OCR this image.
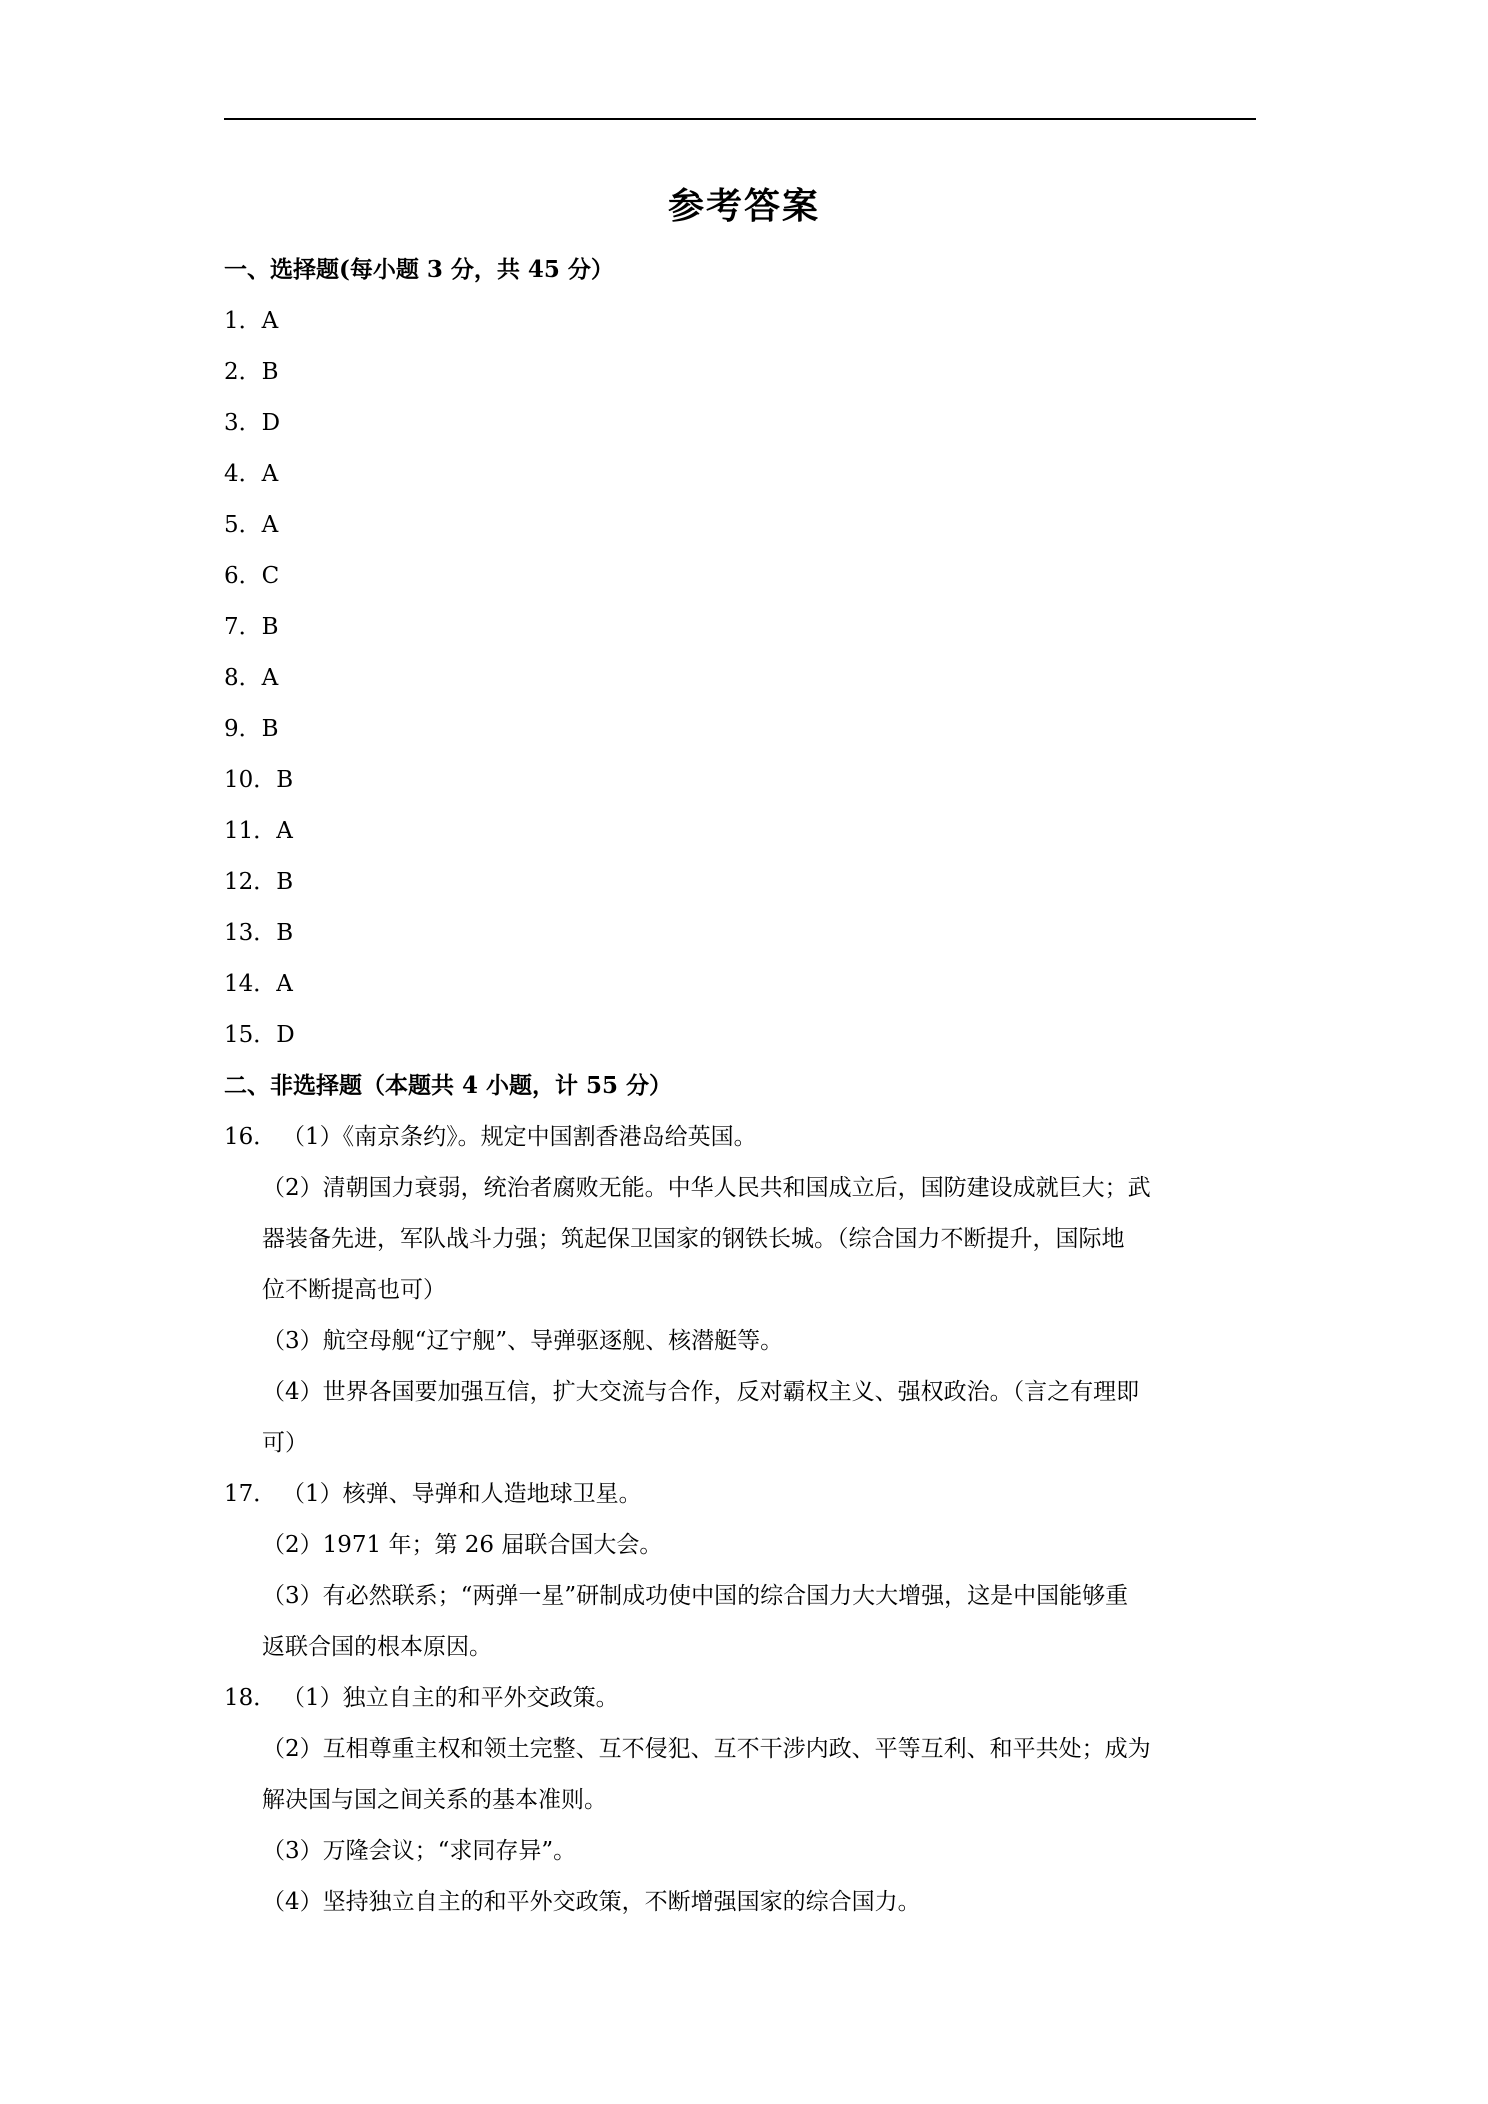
参考答案
一、选择题(每小题 3 分，共 45 分）
1．A
2．B
3．D
4．A
5．A
6．C
7．B
8．A
9．B
10．B
11．A
12．B
13．B
14．A
15．D
二、非选择题（本题共 4 小题，计 55 分）
16． （1）《南京条约》。规定中国割香港岛给英国。
（2）清朝国力衰弱，统治者腐败无能。中华人民共和国成立后，国防建设成就巨大；武
器装备先进，军队战斗力强；筑起保卫国家的钢铁长城。（综合国力不断提升，国际地
位不断提高也可）
（3）航空母舰“辽宁舰”、导弹驱逐舰、核潜艇等。
（4）世界各国要加强互信，扩大交流与合作，反对霸权主义、强权政治。（言之有理即
可）
17． （1）核弹、导弹和人造地球卫星。
（2）1971 年；第 26 届联合国大会。
（3）有必然联系；“两弹一星”研制成功使中国的综合国力大大增强，这是中国能够重
返联合国的根本原因。
18． （1）独立自主的和平外交政策。
（2）互相尊重主权和领土完整、互不侵犯、互不干涉内政、平等互利、和平共处；成为
解决国与国之间关系的基本准则。
（3）万隆会议；“求同存异”。
（4）坚持独立自主的和平外交政策，不断增强国家的综合国力。
